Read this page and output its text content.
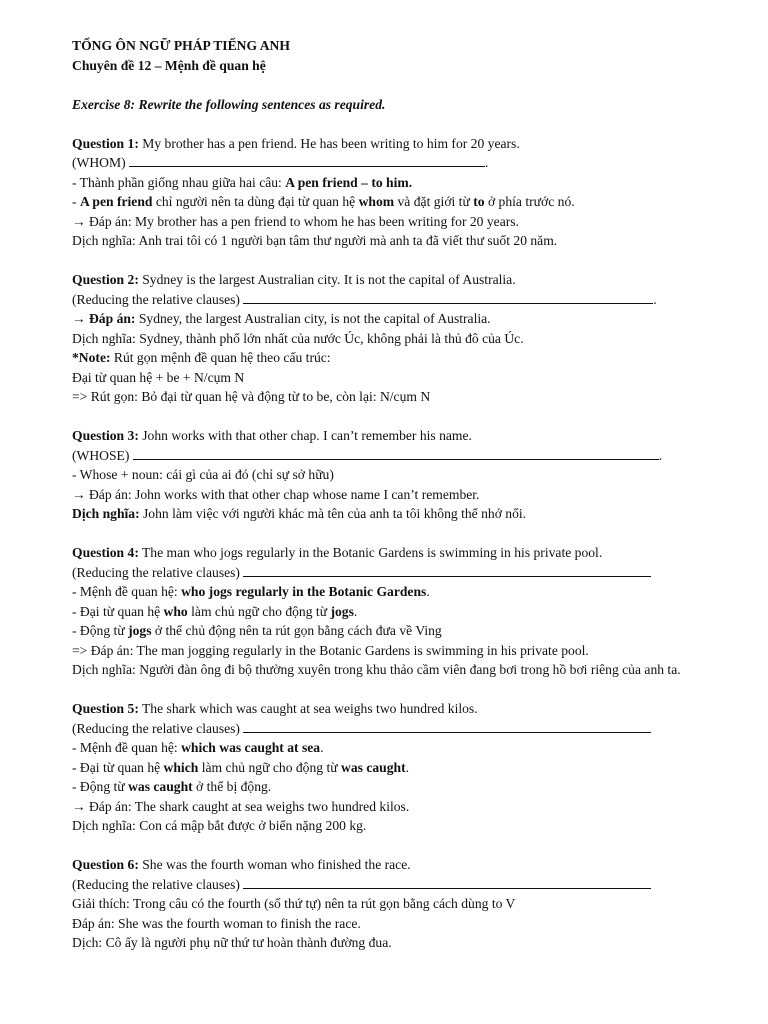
TỔNG ÔN NGỮ PHÁP TIẾNG ANH
Chuyên đề 12 – Mệnh đề quan hệ
Exercise 8: Rewrite the following sentences as required.
Question 1: My brother has a pen friend. He has been writing to him for 20 years.
(WHOM)	.
- Thành phần giống nhau giữa hai câu: A pen friend – to him.
- A pen friend chỉ người nên ta dùng đại từ quan hệ whom và đặt giới từ to ở phía trước nó.
→ Đáp án: My brother has a pen friend to whom he has been writing for 20 years.
Dịch nghĩa: Anh trai tôi có 1 người bạn tâm thư người mà anh ta đã viết thư suốt 20 năm.
Question 2: Sydney is the largest Australian city. It is not the capital of Australia.
(Reducing the relative clauses)	.
→ Đáp án: Sydney, the largest Australian city, is not the capital of Australia.
Dịch nghĩa: Sydney, thành phố lớn nhất của nước Úc, không phải là thủ đô của Úc.
*Note: Rút gọn mệnh đề quan hệ theo cấu trúc:
Đại từ quan hệ + be + N/cụm N
=> Rút gọn: Bỏ đại từ quan hệ và động từ to be, còn lại: N/cụm N
Question 3: John works with that other chap. I can’t remember his name.
(WHOSE)	.
- Whose + noun: cái gì của ai đó (chỉ sự sở hữu)
→ Đáp án: John works with that other chap whose name I can’t remember.
Dịch nghĩa: John làm việc với người khác mà tên của anh ta tôi không thể nhớ nổi.
Question 4: The man who jogs regularly in the Botanic Gardens is swimming in his private pool.
(Reducing the relative clauses)
- Mệnh đề quan hệ: who jogs regularly in the Botanic Gardens.
- Đại từ quan hệ who làm chủ ngữ cho động từ jogs.
- Động từ jogs ở thể chủ động nên ta rút gọn bằng cách đưa về Ving
=> Đáp án: The man jogging regularly in the Botanic Gardens is swimming in his private pool.
Dịch nghĩa: Người đàn ông đi bộ thường xuyên trong khu thảo cầm viên đang bơi trong hồ bơi riêng của anh ta.
Question 5: The shark which was caught at sea weighs two hundred kilos.
(Reducing the relative clauses)
- Mệnh đề quan hệ: which was caught at sea.
- Đại từ quan hệ which làm chủ ngữ cho động từ was caught.
- Động từ was caught ở thể bị động.
→ Đáp án: The shark caught at sea weighs two hundred kilos.
Dịch nghĩa: Con cá mập bắt được ở biển nặng 200 kg.
Question 6: She was the fourth woman who finished the race.
(Reducing the relative clauses)
Giải thích: Trong câu có the fourth (số thứ tự) nên ta rút gọn bằng cách dùng to V
Đáp án: She was the fourth woman to finish the race.
Dịch: Cô ấy là người phụ nữ thứ tư hoàn thành đường đua.
